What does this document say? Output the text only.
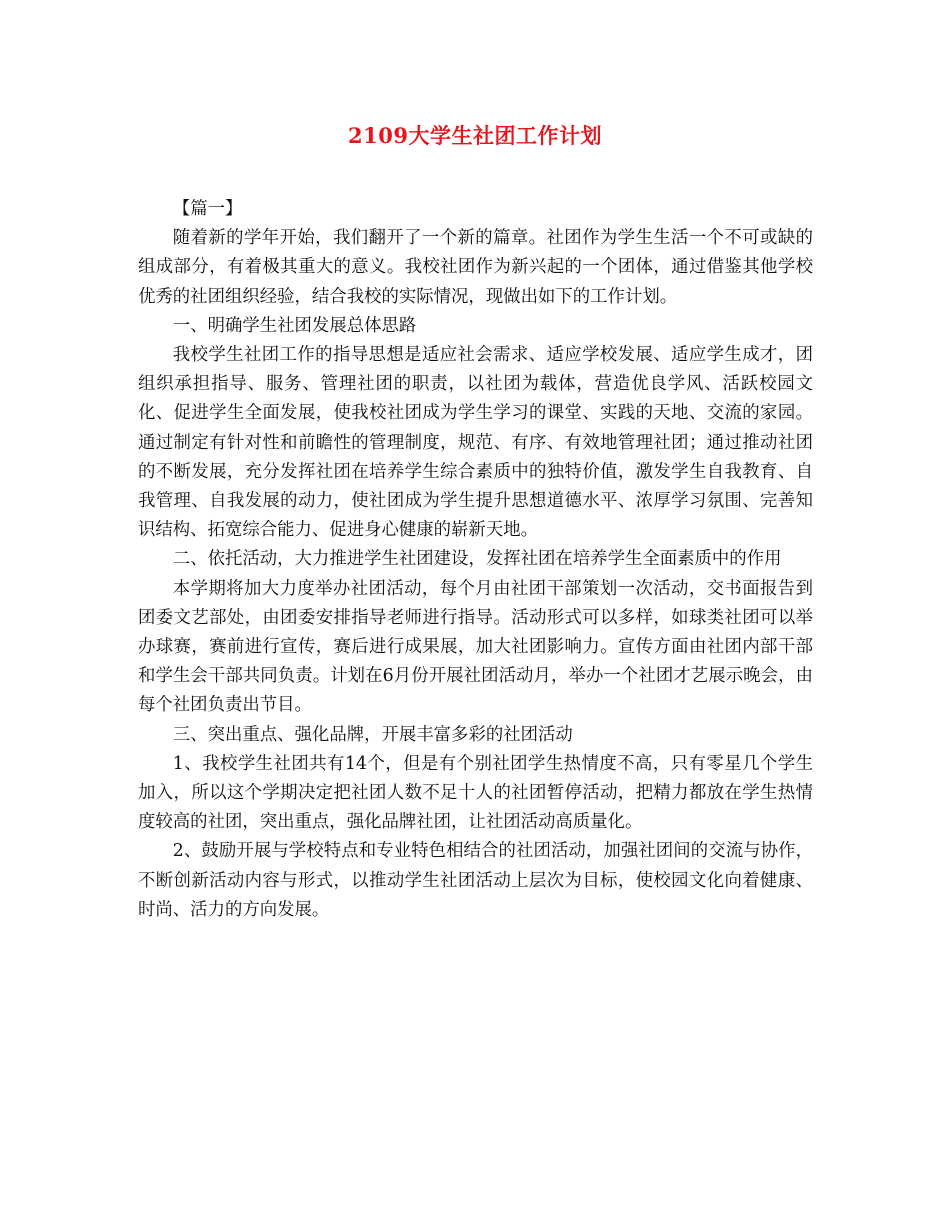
2109大学生社团工作计划

【篇一】

随着新的学年开始，我们翻开了一个新的篇章。社团作为学生生活一个不可或缺的组成部分，有着极其重大的意义。我校社团作为新兴起的一个团体，通过借鉴其他学校优秀的社团组织经验，结合我校的实际情况，现做出如下的工作计划。

一、明确学生社团发展总体思路

我校学生社团工作的指导思想是适应社会需求、适应学校发展、适应学生成才，团组织承担指导、服务、管理社团的职责，以社团为载体，营造优良学风、活跃校园文化、促进学生全面发展，使我校社团成为学生学习的课堂、实践的天地、交流的家园。通过制定有针对性和前瞻性的管理制度，规范、有序、有效地管理社团；通过推动社团的不断发展，充分发挥社团在培养学生综合素质中的独特价值，激发学生自我教育、自我管理、自我发展的动力，使社团成为学生提升思想道德水平、浓厚学习氛围、完善知识结构、拓宽综合能力、促进身心健康的崭新天地。

二、依托活动，大力推进学生社团建设，发挥社团在培养学生全面素质中的作用

本学期将加大力度举办社团活动，每个月由社团干部策划一次活动，交书面报告到团委文艺部处，由团委安排指导老师进行指导。活动形式可以多样，如球类社团可以举办球赛，赛前进行宣传，赛后进行成果展，加大社团影响力。宣传方面由社团内部干部和学生会干部共同负责。计划在6月份开展社团活动月，举办一个社团才艺展示晚会，由每个社团负责出节目。

三、突出重点、强化品牌，开展丰富多彩的社团活动

1、我校学生社团共有14个，但是有个别社团学生热情度不高，只有零星几个学生加入，所以这个学期决定把社团人数不足十人的社团暂停活动，把精力都放在学生热情度较高的社团，突出重点，强化品牌社团，让社团活动高质量化。

2、鼓励开展与学校特点和专业特色相结合的社团活动，加强社团间的交流与协作，不断创新活动内容与形式，以推动学生社团活动上层次为目标，使校园文化向着健康、时尚、活力的方向发展。
